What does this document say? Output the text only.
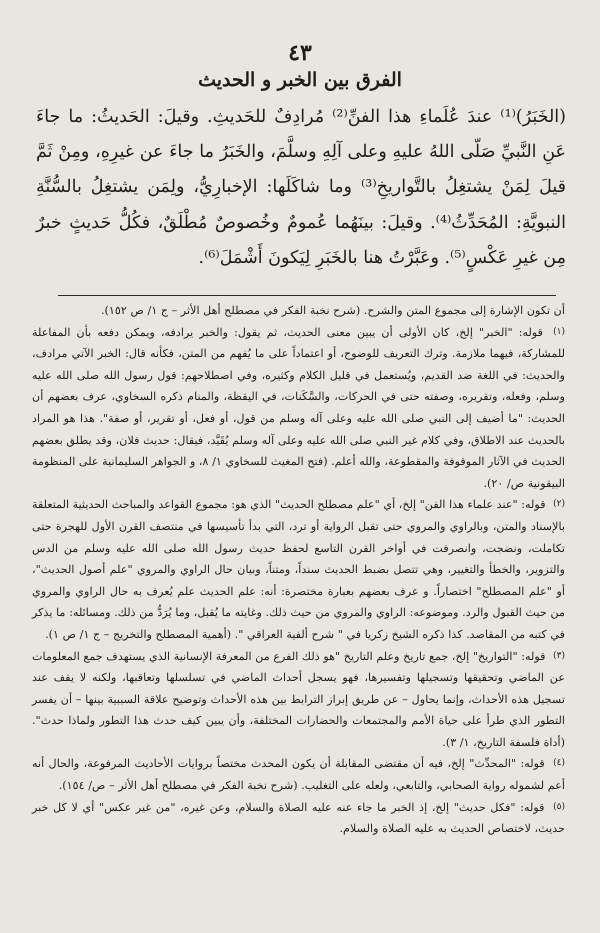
٤٣
الفرق بين الخبر و الحديث

(الخَبَرُ)⁽¹⁾ عندَ عُلَماءِ هذا الفنِّ⁽²⁾ مُرادِفٌ للحَديثِ. وقيلَ: الحَديثُ: ما جاءَ عَنِ النَّبيِّ صَلّى اللهُ عليهِ وعلى آلِهِ وسلَّمَ، والخَبَرُ ما جاءَ عن غيرِهِ، ومِنْ ثَمَّ قيلَ لِمَنْ يشتغِلُ بالتَّواريخِ⁽³⁾ وما شاكَلَها: الإخبارِيُّ، ولِمَن يشتغِلُ بالسُّنَّةِ النبويَّةِ: المُحَدِّثُ⁽⁴⁾. وقيلَ: بينَهُما عُمومٌ وخُصوصٌ مُطْلَقٌ، فكُلُّ حَديثٍ خبرٌ مِن غيرِ عَكْسٍ⁽⁵⁾. وعَبَّرْتُ هنا بالخَبَرِ لِيَكونَ أَشْمَلَ⁽⁶⁾.

أن تكون الإشارة إلى مجموع المتن والشرح. (شرح نخبة الفكر في مصطلح أهل الأثر – ج ١/ ص ١٥٢).

$^{(١)}$ قوله: "الخبر" إلخ، كان الأولى أن يبين معنى الحديث، ثم يقول: والخبر يرادفه، ويمكن دفعه بأن المفاعلة للمشاركة، فيهما ملازمة. وترك التعريف للوضوح، أو اعتماداً على ما يُفهم من المتن، فكأنه قال: الخبر الآتي مرادف، والحديث: في اللغة ضد القديم، ويُستعمل في قليل الكلام وكثيره، وفي اصطلاحهم: قول رسول الله صلى الله عليه وسلم، وفعله، وتقريره، وصفته حتى في الحركات، والسَّكَنات، في اليقظة، والمنام ذكره السخاوي، عرف بعضهم أن الحديث: "ما أضيف إلى النبي صلى الله عليه وعلى آله وسلم من قول، أو فعل، أو تقرير، أو صفة". هذا هو المراد بالحديث عند الاطلاق، وفي كلام غير النبي صلى الله عليه وعلى آله وسلم يُقَيَّد، فيقال: حديث فلان، وقد يطلق بعضهم الحديث في الآثار الموقوفة والمقطوعة، والله أعلم. (فتح المغيث للسخاوي ١/ ٨، و الجواهر السليمانية على المنظومة البيقونية ص/ ٢٠).

$^{(٢)}$ قوله: "عند علماء هذا الفن" إلخ، أي "علم مصطلح الحديث" الذي هو: مجموع القواعد والمباحث الحديثية المتعلقة بالإسناد والمتن، وبالراوي والمروي حتى تقبل الرواية أو ترد، التي بدأ تأسيسها في منتصف القرن الأول للهجرة حتى تكاملت، ونضجت، وانصرفت في أواخر القرن التاسع لحفظ حديث رسول الله صلى الله عليه وسلم من الدس والتزوير، والخطأ والتغيير، وهي تتصل بضبط الحديث سنداً، ومتناً، وبيان حال الراوي والمروي "علم أصول الحديث"، أو "علم المصطلح" اختصاراً. و عرف بعضهم بعبارة مختصرة: أنه: علم الحديث علم يُعرف به حال الراوي والمروي من حيث القبول والرد. وموضوعه: الراوي والمروي من حيث ذلك. وغايته ما يُقبل، وما يُرَدُّ من ذلك. ومسائله: ما يذكر في كتبه من المقاصد. كذا ذكره الشيخ زكريا في " شرح ألفية العراقي ". (أهمية المصطلح والتخريج – ج ١/ ص ١).

$^{(٣)}$ قوله: "التواريخ" إلخ، جمع تاريخ وعلم التاريخ "هو ذلك الفرع من المعرفة الإنسانية الذي يستهدف جمع المعلومات عن الماضي وتحقيقها وتسجيلها وتفسيرها، فهو يسجل أحداث الماضي في تسلسلها وتعاقبها، ولكنه لا يقف عند تسجيل هذه الأحداث، وإنما يحاول – عن طريق إبراز الترابط بين هذه الأحداث وتوضيح علاقة السببية بينها – أن يفسر التطور الذي طرأ على حياة الأمم والمجتمعات والحضارات المختلفة، وأن يبين كيف حدث هذا التطور ولماذا حدث". (أداة فلسفة التاريخ، ١/ ٣).

$^{(٤)}$ قوله: "المحدِّث" إلخ، فيه أن مقتضى المقابلة أن يكون المحدث مختصاً بروايات الأحاديث المرفوعة، والحال أنه أعم لشموله رواية الصحابي، والتابعي، ولعله على التغليب. (شرح نخبة الفكر في مصطلح أهل الأثر – ص/ ١٥٤).

$^{(٥)}$ قوله: "فكل حديث" إلخ، إذ الخبر ما جاء عنه عليه الصلاة والسلام، وعن غيره، "من غير عكس" أي لا كل خبر حديث، لاختصاص الحديث به عليه الصلاة والسلام.
